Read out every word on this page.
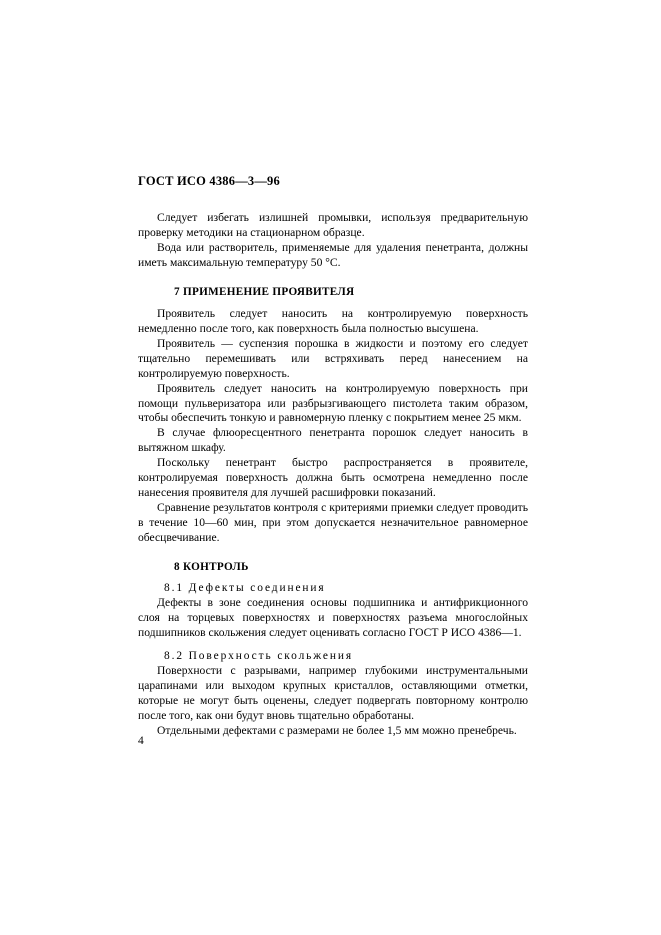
ГОСТ ИСО 4386—3—96

Следует избегать излишней промывки, используя предварительную проверку методики на стационарном образце.

Вода или растворитель, применяемые для удаления пенетранта, должны иметь максимальную температуру 50 °C.

7 ПРИМЕНЕНИЕ ПРОЯВИТЕЛЯ

Проявитель следует наносить на контролируемую поверхность немедленно после того, как поверхность была полностью высушена.

Проявитель — суспензия порошка в жидкости и поэтому его следует тщательно перемешивать или встряхивать перед нанесением на контролируемую поверхность.

Проявитель следует наносить на контролируемую поверхность при помощи пульверизатора или разбрызгивающего пистолета таким образом, чтобы обеспечить тонкую и равномерную пленку с покрытием менее 25 мкм.

В случае флюоресцентного пенетранта порошок следует наносить в вытяжном шкафу.

Поскольку пенетрант быстро распространяется в проявителе, контролируемая поверхность должна быть осмотрена немедленно после нанесения проявителя для лучшей расшифровки показаний.

Сравнение результатов контроля с критериями приемки следует проводить в течение 10—60 мин, при этом допускается незначительное равномерное обесцвечивание.

8 КОНТРОЛЬ
8.1 Дефекты соединения

Дефекты в зоне соединения основы подшипника и антифрикционного слоя на торцевых поверхностях и поверхностях разъема многослойных подшипников скольжения следует оценивать согласно ГОСТ Р ИСО 4386—1.

8.2 Поверхность скольжения

Поверхности с разрывами, например глубокими инструментальными царапинами или выходом крупных кристаллов, оставляющими отметки, которые не могут быть оценены, следует подвергать повторному контролю после того, как они будут вновь тщательно обработаны.

Отдельными дефектами с размерами не более 1,5 мм можно пренебречь.

4
